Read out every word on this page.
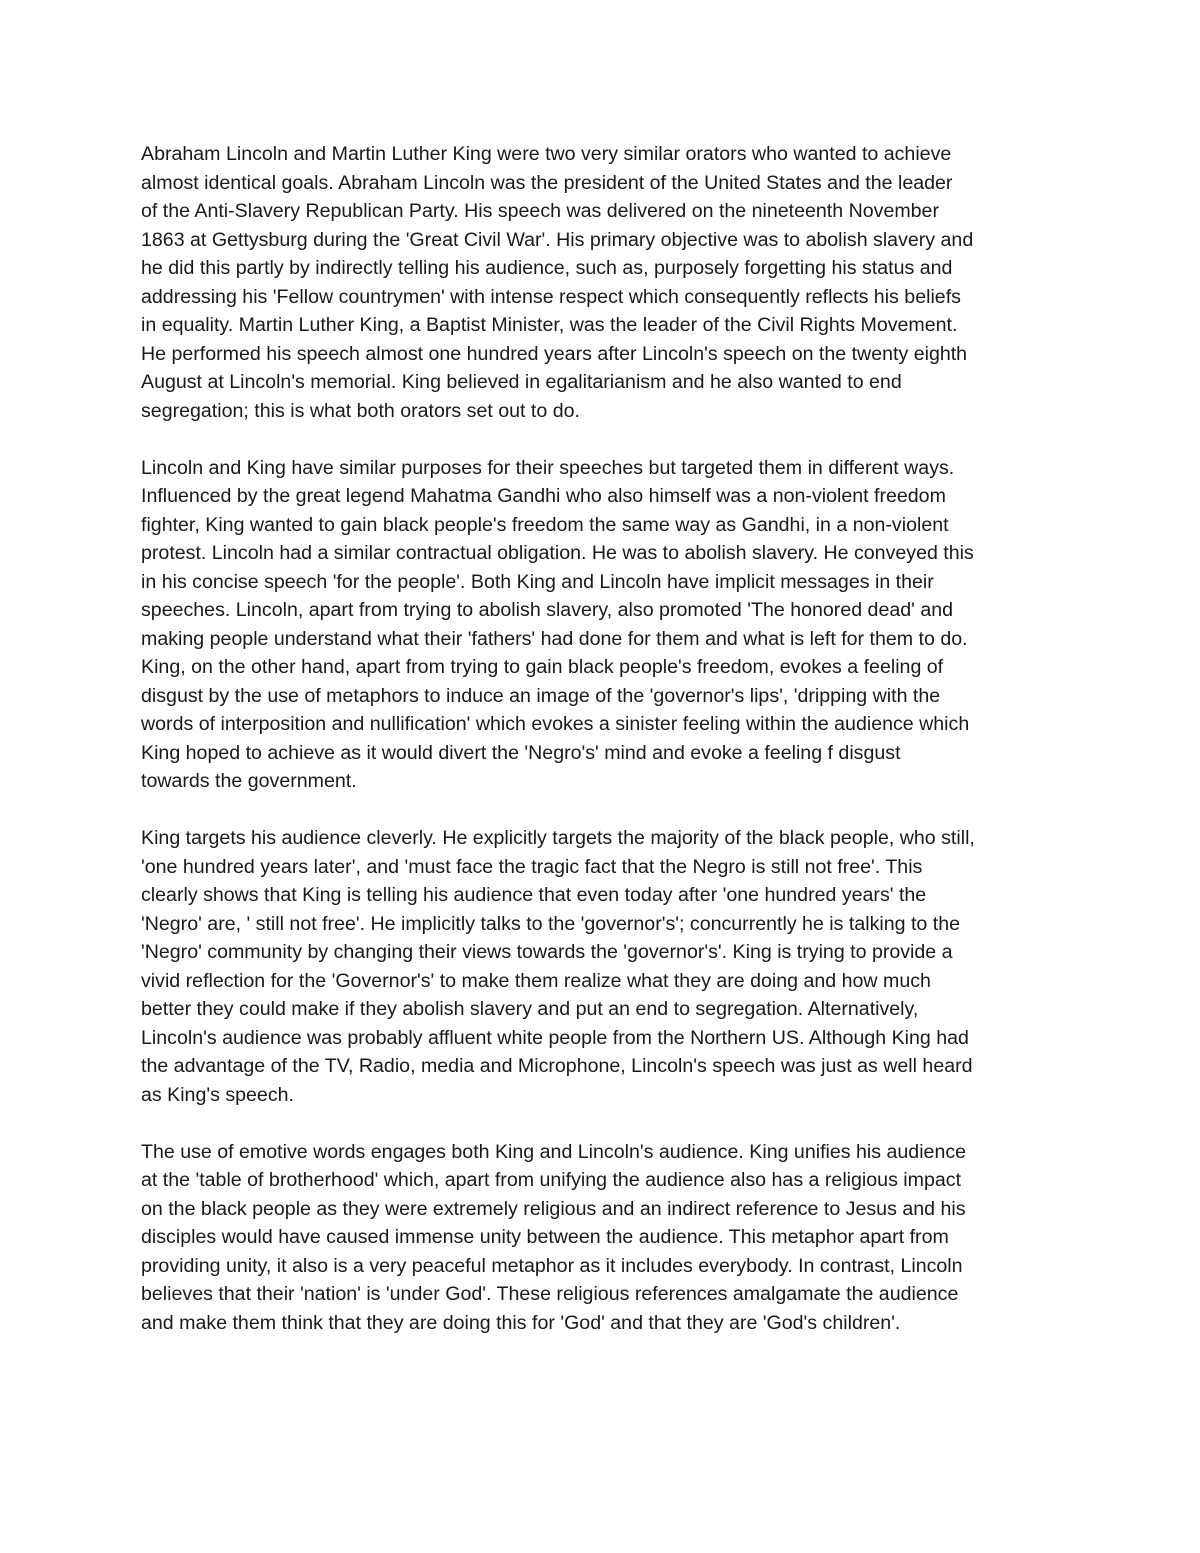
Abraham Lincoln and Martin Luther King were two very similar orators who wanted to achieve
almost identical goals. Abraham Lincoln was the president of the United States and the leader
of the Anti-Slavery Republican Party. His speech was delivered on the nineteenth November
1863 at Gettysburg during the 'Great Civil War'. His primary objective was to abolish slavery and
he did this partly by indirectly telling his audience, such as, purposely forgetting his status and
addressing his 'Fellow countrymen' with intense respect which consequently reflects his beliefs
in equality. Martin Luther King, a Baptist Minister, was the leader of the Civil Rights Movement.
He performed his speech almost one hundred years after Lincoln's speech on the twenty eighth
August at Lincoln's memorial. King believed in egalitarianism and he also wanted to end
segregation; this is what both orators set out to do.

Lincoln and King have similar purposes for their speeches but targeted them in different ways.
Influenced by the great legend Mahatma Gandhi who also himself was a non-violent freedom
fighter, King wanted to gain black people's freedom the same way as Gandhi, in a non-violent
protest. Lincoln had a similar contractual obligation. He was to abolish slavery. He conveyed this
in his concise speech 'for the people'. Both King and Lincoln have implicit messages in their
speeches. Lincoln, apart from trying to abolish slavery, also promoted 'The honored dead' and
making people understand what their 'fathers' had done for them and what is left for them to do.
King, on the other hand, apart from trying to gain black people's freedom, evokes a feeling of
disgust by the use of metaphors to induce an image of the 'governor's lips', 'dripping with the
words of interposition and nullification' which evokes a sinister feeling within the audience which
King hoped to achieve as it would divert the 'Negro's' mind and evoke a feeling f disgust
towards the government.

King targets his audience cleverly. He explicitly targets the majority of the black people, who still,
'one hundred years later', and 'must face the tragic fact that the Negro is still not free'. This
clearly shows that King is telling his audience that even today after 'one hundred years' the
'Negro' are, ' still not free'. He implicitly talks to the 'governor's'; concurrently he is talking to the
'Negro' community by changing their views towards the 'governor's'. King is trying to provide a
vivid reflection for the 'Governor's' to make them realize what they are doing and how much
better they could make if they abolish slavery and put an end to segregation. Alternatively,
Lincoln's audience was probably affluent white people from the Northern US. Although King had
the advantage of the TV, Radio, media and Microphone, Lincoln's speech was just as well heard
as King's speech.

The use of emotive words engages both King and Lincoln's audience. King unifies his audience
at the 'table of brotherhood' which, apart from unifying the audience also has a religious impact
on the black people as they were extremely religious and an indirect reference to Jesus and his
disciples would have caused immense unity between the audience. This metaphor apart from
providing unity, it also is a very peaceful metaphor as it includes everybody. In contrast, Lincoln
believes that their 'nation' is 'under God'. These religious references amalgamate the audience
and make them think that they are doing this for 'God' and that they are 'God's children'.
